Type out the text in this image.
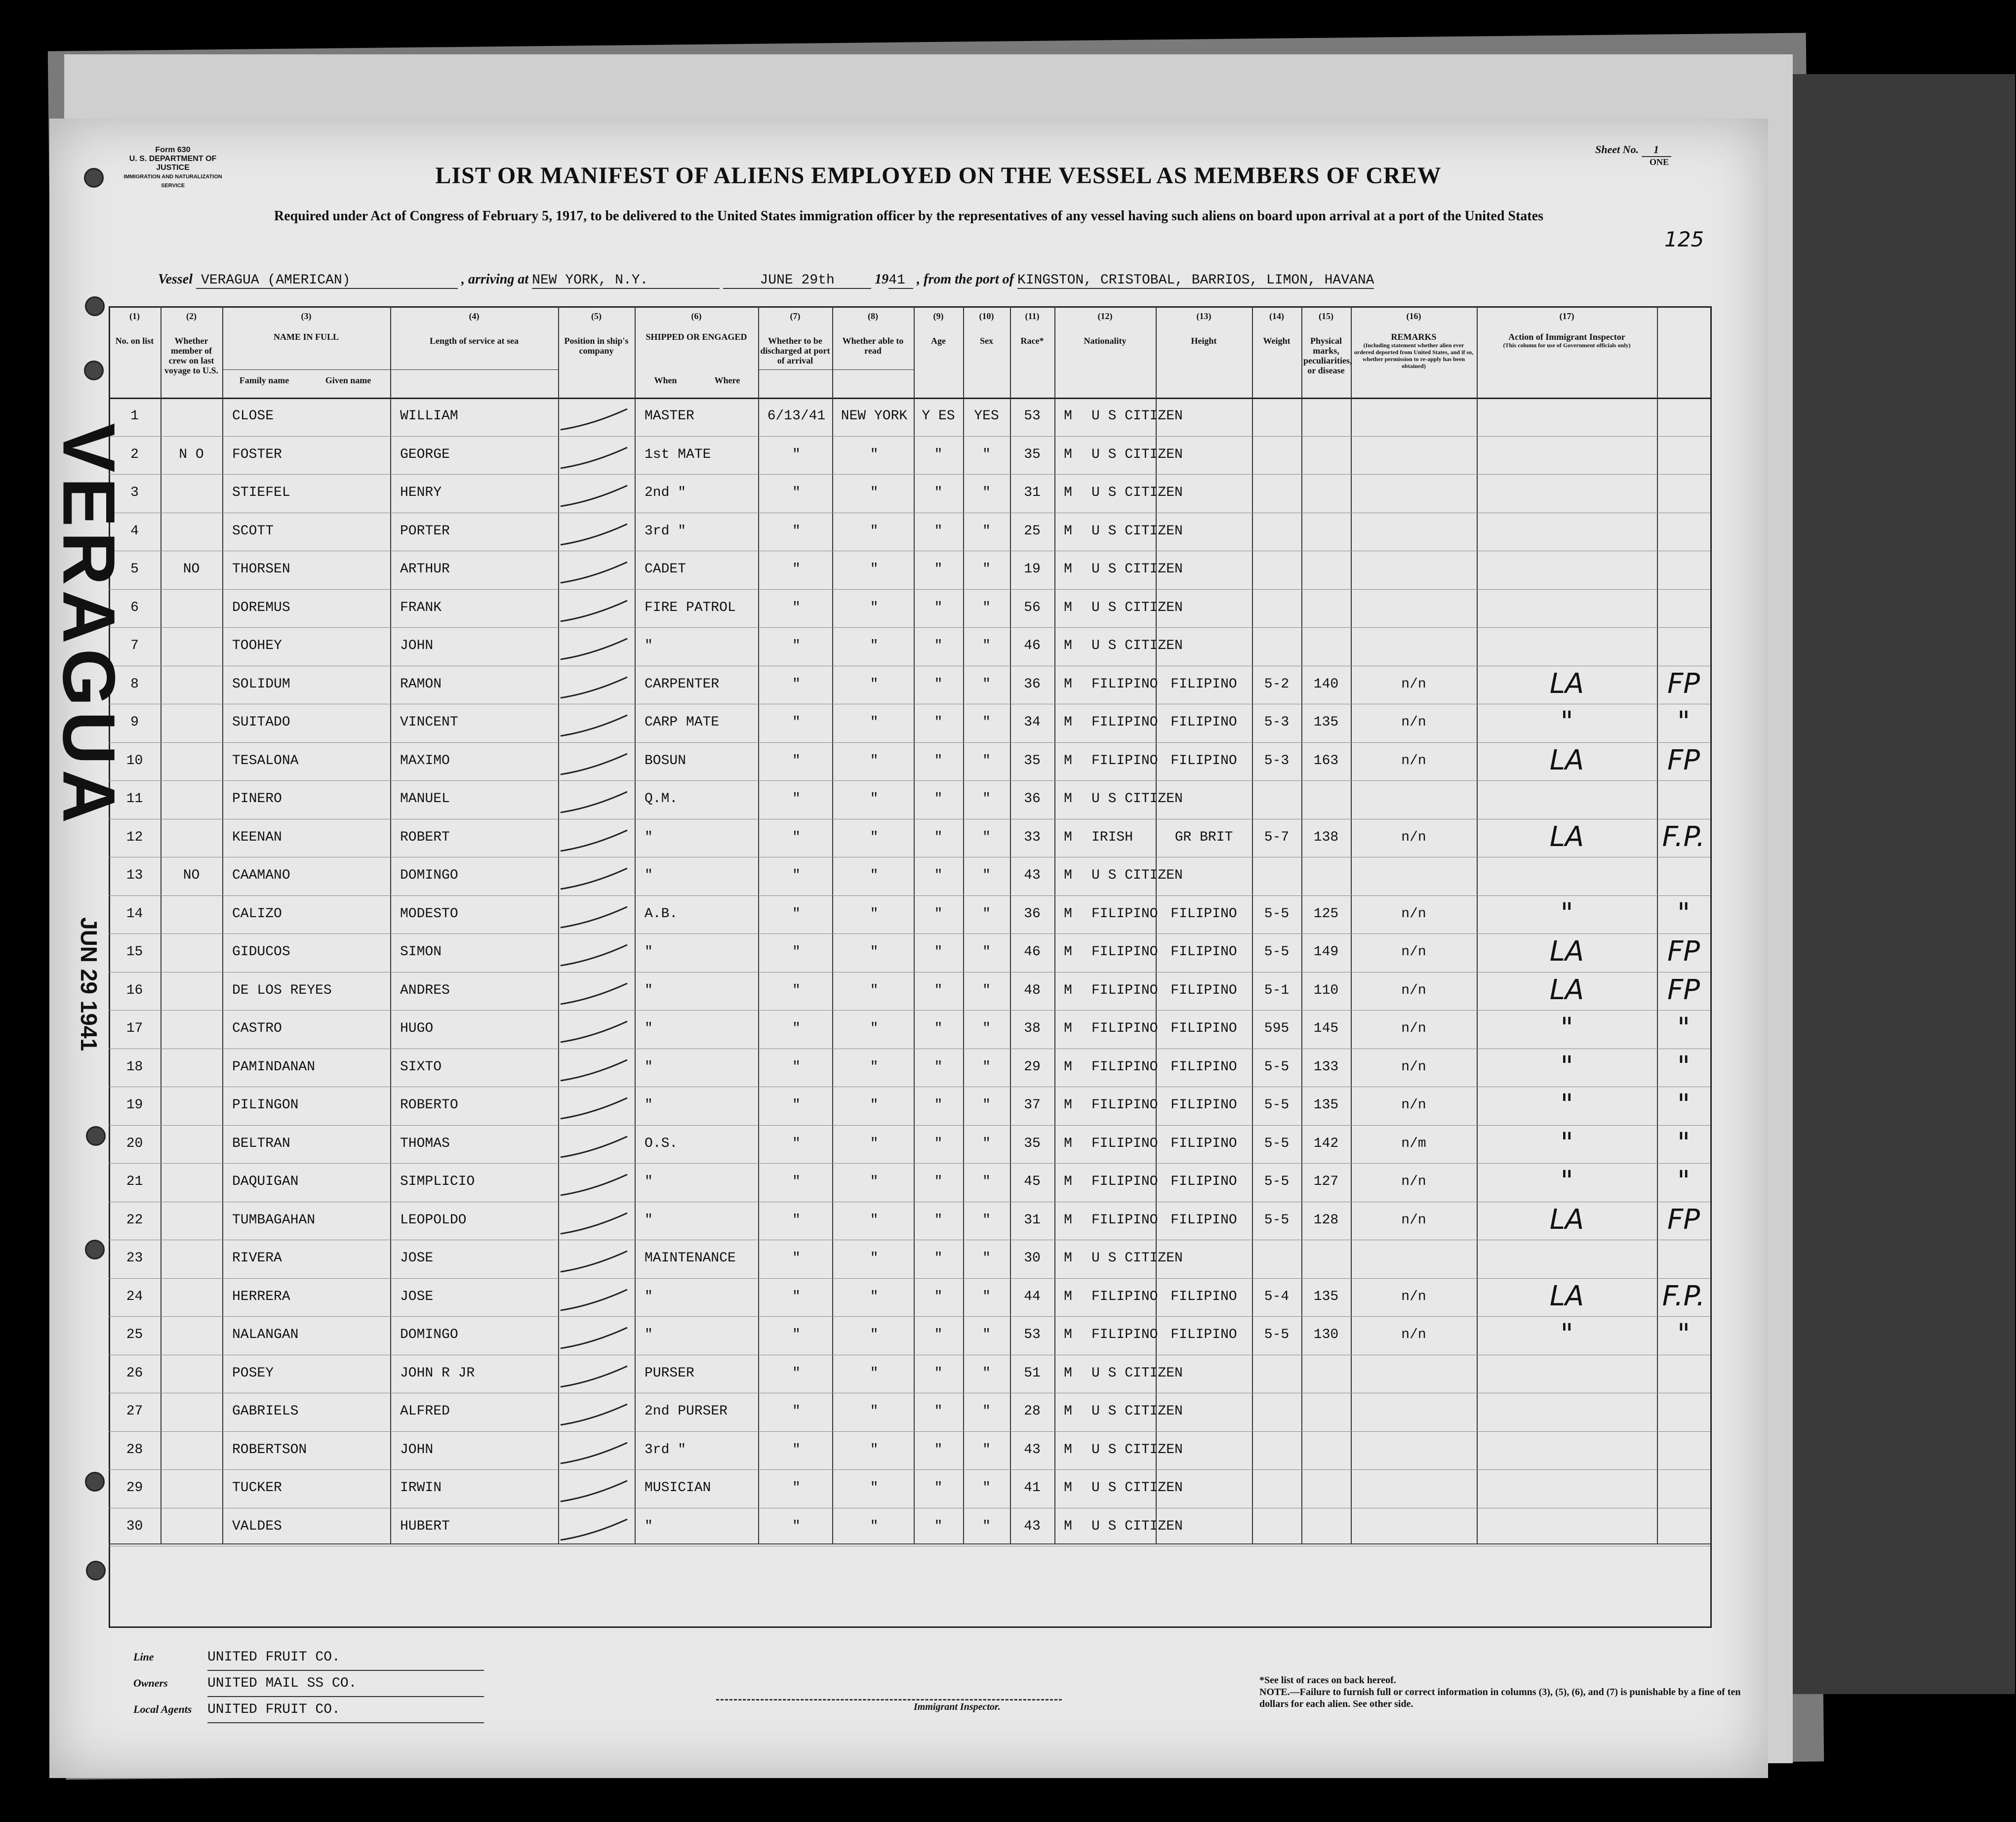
Form 630
U. S. DEPARTMENT OF JUSTICE
IMMIGRATION AND NATURALIZATION SERVICE
Sheet No. 1
ONE
LIST OR MANIFEST OF ALIENS EMPLOYED ON THE VESSEL AS MEMBERS OF CREW
Required under Act of Congress of February 5, 1917, to be delivered to the United States immigration officer by the representatives of any vessel having such aliens on board upon arrival at a port of the United States
125
Vessel VERAGUA (AMERICAN)	, arriving at NEW YORK, N.Y.	JUNE 29th	1941 , from the port of KINGSTON, CRISTOBAL, BARRIOS, LIMON, HAVANA
(1)
No. on list
(2)
Whether member of crew on last voyage to U.S.
(3)
NAME IN FULL
Family name	Given name
(4)
Length of service at sea
(5)
Position in ship's company
(6)
SHIPPED OR ENGAGED
When	Where
(7)
Whether to be discharged at port of arrival
(8)
Whether able to read
(9)
Age
(10)
Sex
(11)
Race*
(12)
Nationality
(13)
Height
(14)
Weight
(15)
Physical marks, peculiarities, or disease
(16)
REMARKS
(Including statement whether alien ever ordered deported from United States, and if so, whether permission to re-apply has been obtained)
(17)
Action of Immigrant Inspector
(This column for use of Government officials only)
1	CLOSE	WILLIAM	MASTER	6/13/41	NEW YORK	Y ES	YES	53	M	U S CITIZEN
2	N O	FOSTER	GEORGE	1st MATE	"	"	"	"	35	M	U S CITIZEN
3	STIEFEL	HENRY	2nd "	"	"	"	"	31	M	U S CITIZEN
4	SCOTT	PORTER	3rd "	"	"	"	"	25	M	U S CITIZEN
5	NO	THORSEN	ARTHUR	CADET	"	"	"	"	19	M	U S CITIZEN
6	DOREMUS	FRANK	FIRE PATROL	"	"	"	"	56	M	U S CITIZEN
7	TOOHEY	JOHN	"	"	"	"	"	46	M	U S CITIZEN
8	SOLIDUM	RAMON	CARPENTER	"	"	"	"	36	M	FILIPINO FILIPINO	5-2	140	n/n	LA	FP
9	SUITADO	VINCENT	CARP MATE	"	"	"	"	34	M	FILIPINO FILIPINO	5-3	135	n/n	"	"
10	TESALONA	MAXIMO	BOSUN	"	"	"	"	35	M	FILIPINO FILIPINO	5-3	163	n/n	LA	FP
11	PINERO	MANUEL	Q.M.	"	"	"	"	36	M	U S CITIZEN
12	KEENAN	ROBERT	"	"	"	"	"	33	M	IRISH	GR BRIT	5-7	138	n/n	LA	F.P.
13	NO	CAAMANO	DOMINGO	"	"	"	"	"	43	M	U S CITIZEN
14	CALIZO	MODESTO	A.B.	"	"	"	"	36	M	FILIPINO FILIPINO	5-5	125	n/n	"	"
15	GIDUCOS	SIMON	"	"	"	"	"	46	M	FILIPINO FILIPINO	5-5	149	n/n	LA	FP
16	DE LOS REYES	ANDRES	"	"	"	"	"	48	M	FILIPINO FILIPINO	5-1	110	n/n	LA	FP
17	CASTRO	HUGO	"	"	"	"	"	38	M	FILIPINO FILIPINO	595	145	n/n	"	"
18	PAMINDANAN	SIXTO	"	"	"	"	"	29	M	FILIPINO FILIPINO	5-5	133	n/n	"	"
19	PILINGON	ROBERTO	"	"	"	"	"	37	M	FILIPINO FILIPINO	5-5	135	n/n	"	"
20	BELTRAN	THOMAS	O.S.	"	"	"	"	35	M	FILIPINO FILIPINO	5-5	142	n/m	"	"
21	DAQUIGAN	SIMPLICIO	"	"	"	"	"	45	M	FILIPINO FILIPINO	5-5	127	n/n	"	"
22	TUMBAGAHAN	LEOPOLDO	"	"	"	"	"	31	M	FILIPINO FILIPINO	5-5	128	n/n	LA	FP
23	RIVERA	JOSE	MAINTENANCE	"	"	"	"	30	M	U S CITIZEN
24	HERRERA	JOSE	"	"	"	"	"	44	M	FILIPINO FILIPINO	5-4	135	n/n	LA	F.P.
25	NALANGAN	DOMINGO	"	"	"	"	"	53	M	FILIPINO FILIPINO	5-5	130	n/n	"	"
26	POSEY	JOHN R JR	PURSER	"	"	"	"	51	M	U S CITIZEN
27	GABRIELS	ALFRED	2nd PURSER	"	"	"	"	28	M	U S CITIZEN
28	ROBERTSON	JOHN	3rd "	"	"	"	"	43	M	U S CITIZEN
29	TUCKER	IRWIN	MUSICIAN	"	"	"	"	41	M	U S CITIZEN
30	VALDES	HUBERT	"	"	"	"	"	43	M	U S CITIZEN
VERAGUA
JUN 29 1941
Line	UNITED FRUIT CO.
Owners	UNITED MAIL SS CO.
Local Agents UNITED FRUIT CO.	Immigrant Inspector.
*See list of races on back hereof.
NOTE.—Failure to furnish full or correct information in columns (3), (5), (6), and (7) is punishable by a fine of ten dollars for each alien. See other side.
